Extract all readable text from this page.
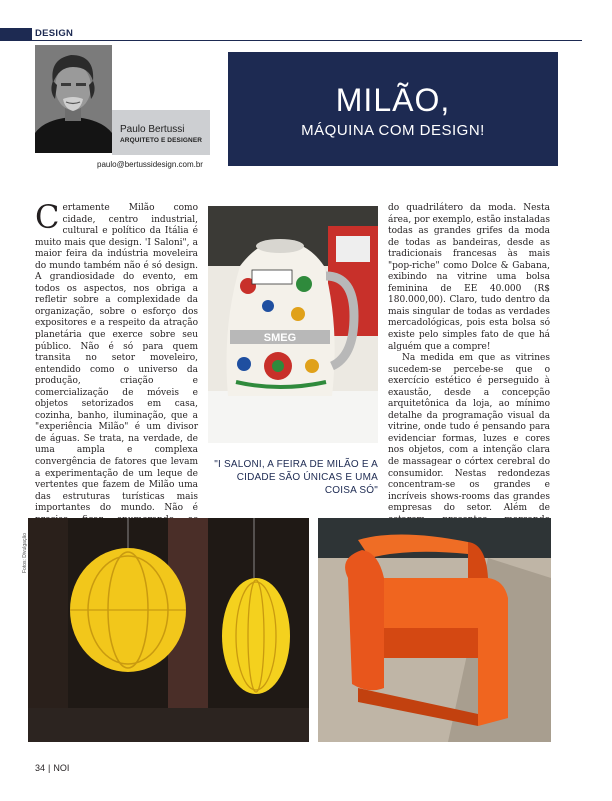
DESIGN
Paulo Bertussi
ARQUITETO E DESIGNER
paulo@bertussidesign.com.br
MILÃO,
MÁQUINA COM DESIGN!
Certamente Milão como cidade, centro industrial, cultural e político da Itália é muito mais que design. 'I Saloni", a maior feira da indústria moveleira do mundo também não é só design. A grandiosidade do evento, em todos os aspectos, nos obriga a refletir sobre a complexidade da organização, sobre o esforço dos expositores e a respeito da atração planetária que exerce sobre seu público. Não é só para quem transita no setor moveleiro, entendido como o universo da produção, criação e comercialização de móveis e objetos setorizados em casa, cozinha, banho, iluminação, que a "experiência Milão" é um divisor de águas. Se trata, na verdade, de uma ampla e complexa convergência de fatores que levam a experimentação de um leque de vertentes que fazem de Milão uma das estruturas turísticas mais importantes do mundo. Não é
SMEG
"I SALONI, A FEIRA DE MILÃO E A CIDADE SÃO ÚNICAS E UMA COISA SÓ"

do quadrilátero da moda. Nesta área, por exemplo, estão instaladas todas as grandes grifes da moda de todas as bandeiras, desde as tradicionais francesas às mais "pop-riche" como Dolce & Gabana, exibindo na vitrine uma bolsa feminina de EE 40.000 (R$ 180.000,00). Claro, tudo dentro da mais singular de todas as verdades mercadológicas, pois esta bolsa só existe pelo simples fato de que há alguém que a compre!

Na medida em que as vitrines sucedem-se percebe-se que o exercício estético é perseguido à exaustão, desde a concepção arquitetônica da loja, ao mínimo detalhe da programação visual da vitrine, onde tudo é pensando para evidenciar formas, luzes e cores nos objetos, com a intenção clara de massagear o córtex cerebral do consumidor. Nestas redondezas concentram-se os grandes e incríveis shows-rooms das grandes empresas do setor. Além de

Fotos: Divulgação
34 | NOI
